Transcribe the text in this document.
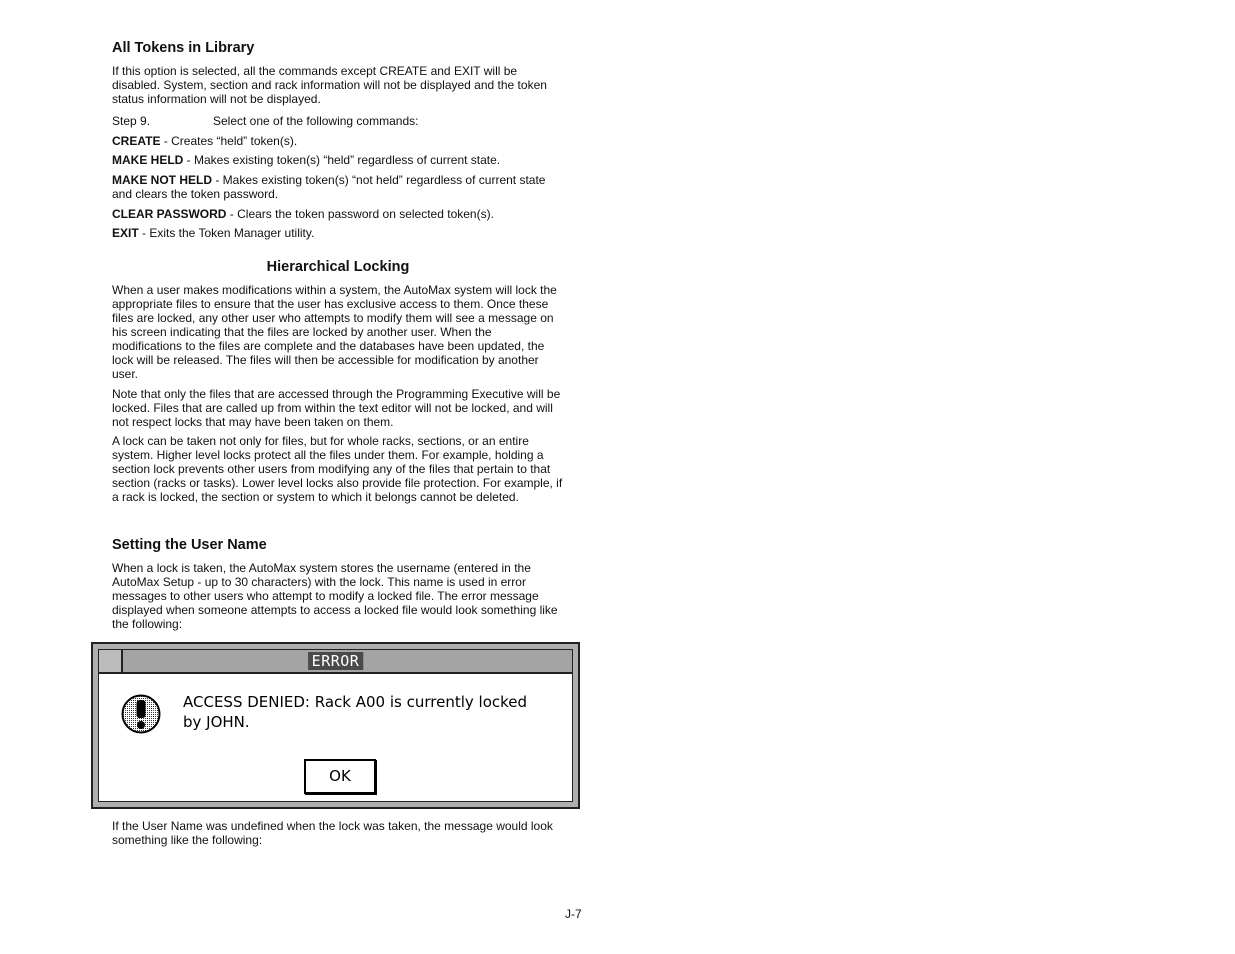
All Tokens in Library

If this option is selected, all the commands except CREATE and EXIT will be disabled. System, section and rack information will not be displayed and the token status information will not be displayed.

Step 9.	Select one of the following commands:

CREATE - Creates “held” token(s).

MAKE HELD - Makes existing token(s) “held” regardless of current state.

MAKE NOT HELD - Makes existing token(s) “not held” regardless of current state and clears the token password.

CLEAR PASSWORD - Clears the token password on selected token(s).

EXIT - Exits the Token Manager utility.

Hierarchical Locking

When a user makes modifications within a system, the AutoMax system will lock the appropriate files to ensure that the user has exclusive access to them. Once these files are locked, any other user who attempts to modify them will see a message on his screen indicating that the files are locked by another user. When the modifications to the files are complete and the databases have been updated, the lock will be released. The files will then be accessible for modification by another user.

Note that only the files that are accessed through the Programming Executive will be locked. Files that are called up from within the text editor will not be locked, and will not respect locks that may have been taken on them.

A lock can be taken not only for files, but for whole racks, sections, or an entire system. Higher level locks protect all the files under them. For example, holding a section lock prevents other users from modifying any of the files that pertain to that section (racks or tasks). Lower level locks also provide file protection. For example, if a rack is locked, the section or system to which it belongs cannot be deleted.

Setting the User Name

When a lock is taken, the AutoMax system stores the username (entered in the AutoMax Setup - up to 30 characters) with the lock. This name is used in error messages to other users who attempt to modify a locked file. The error message displayed when someone attempts to access a locked file would look something like the following:

If the User Name was undefined when the lock was taken, the message would look something like the following:

ERROR
ACCESS DENIED: Rack A00 is currently locked
by JOHN.
OK
J-7
